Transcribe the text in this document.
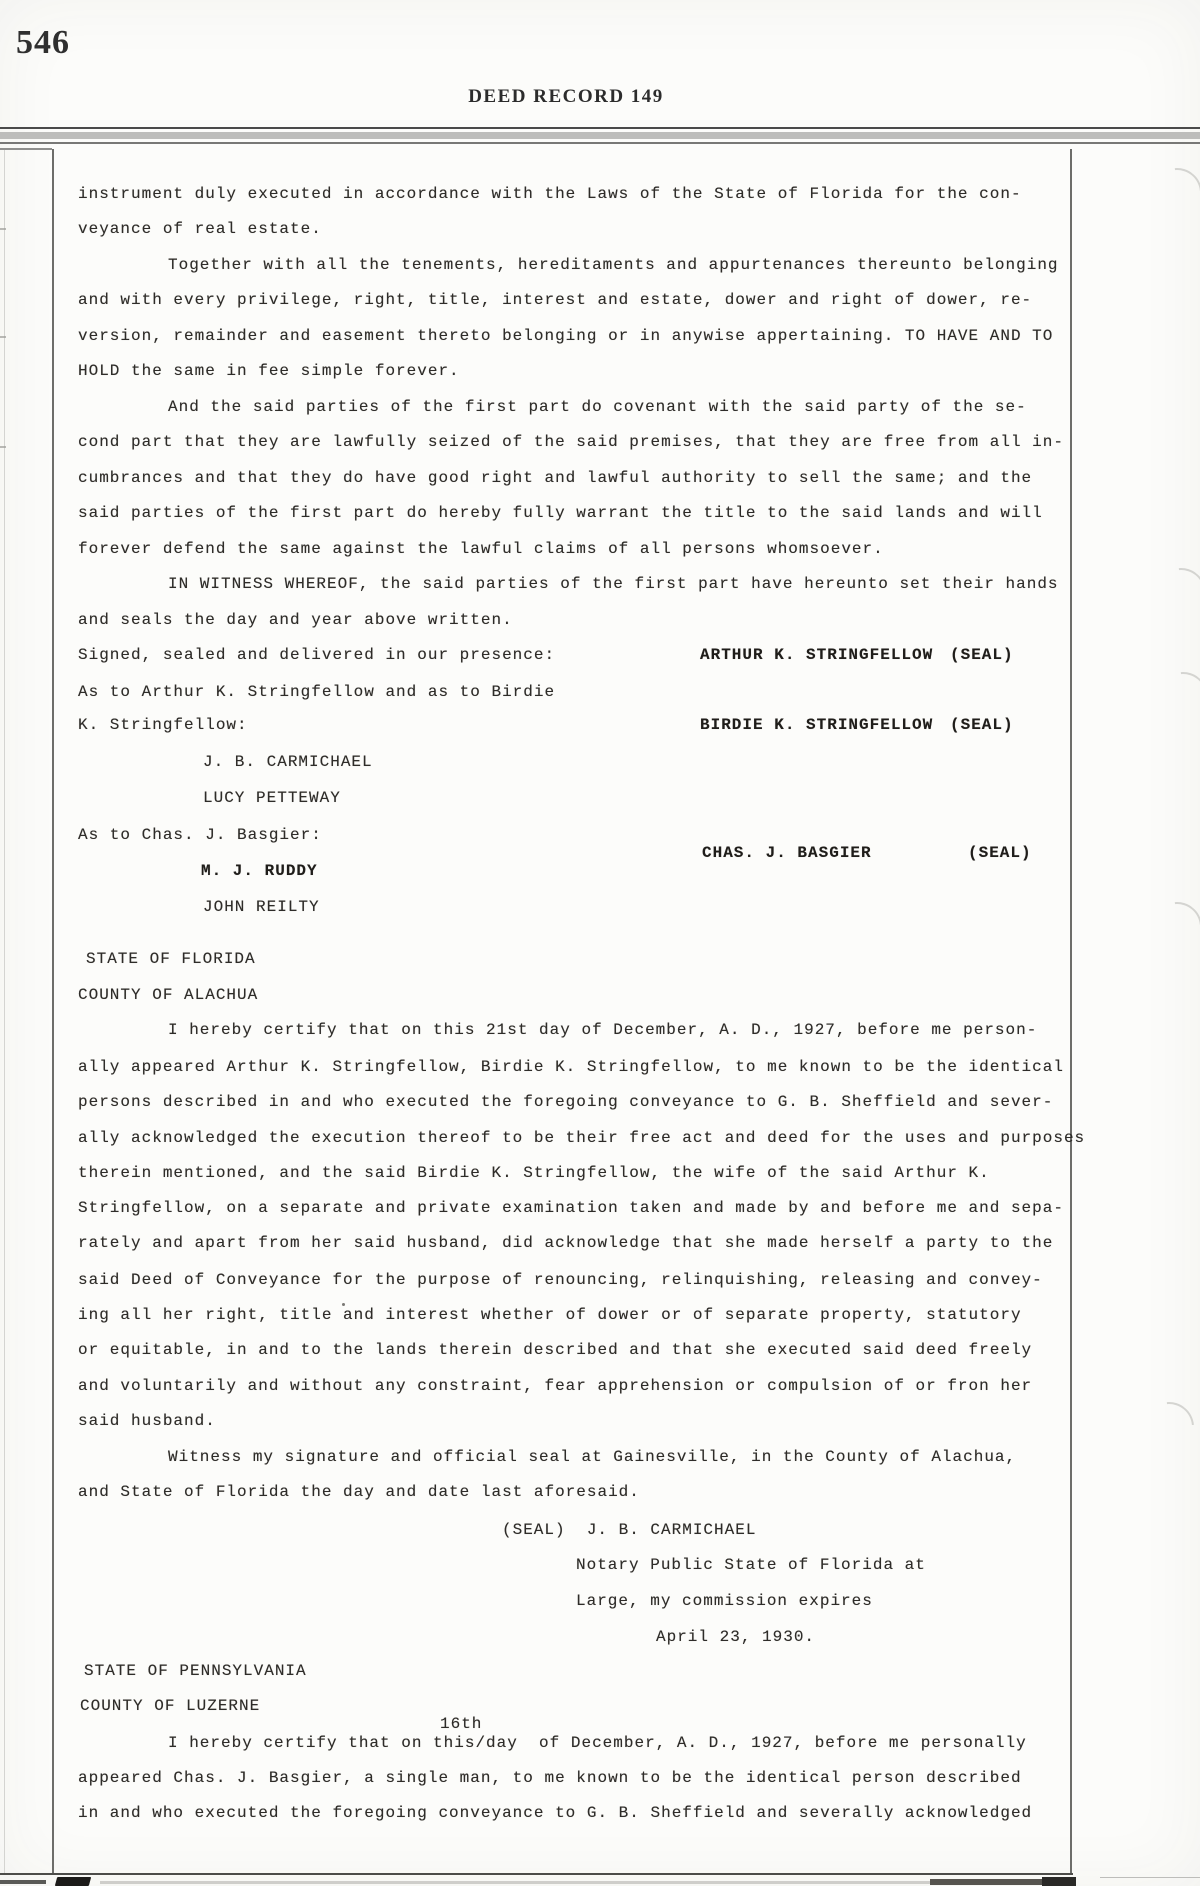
546
DEED RECORD 149
instrument duly executed in accordance with the Laws of the State of Florida for the con-
veyance of real estate.
Together with all the tenements, hereditaments and appurtenances thereunto belonging
and with every privilege, right, title, interest and estate, dower and right of dower, re-
version, remainder and easement thereto belonging or in anywise appertaining. TO HAVE AND TO
HOLD the same in fee simple forever.
And the said parties of the first part do covenant with the said party of the se-
cond part that they are lawfully seized of the said premises, that they are free from all in-
cumbrances and that they do have good right and lawful authority to sell the same; and the
said parties of the first part do hereby fully warrant the title to the said lands and will
forever defend the same against the lawful claims of all persons whomsoever.
IN WITNESS WHEREOF, the said parties of the first part have hereunto set their hands
and seals the day and year above written.
Signed, sealed and delivered in our presence:	ARTHUR K. STRINGFELLOW (SEAL)
As to Arthur K. Stringfellow and as to Birdie
K. Stringfellow:	BIRDIE K. STRINGFELLOW (SEAL)
J. B. CARMICHAEL
LUCY PETTEWAY
As to Chas. J. Basgier:
CHAS. J. BASGIER	(SEAL)
M. J. RUDDY
JOHN REILTY
STATE OF FLORIDA
COUNTY OF ALACHUA
I hereby certify that on this 21st day of December, A. D., 1927, before me person-
ally appeared Arthur K. Stringfellow, Birdie K. Stringfellow, to me known to be the identical
persons described in and who executed the foregoing conveyance to G. B. Sheffield and sever-
ally acknowledged the execution thereof to be their free act and deed for the uses and purposes
therein mentioned, and the said Birdie K. Stringfellow, the wife of the said Arthur K.
Stringfellow, on a separate and private examination taken and made by and before me and sepa-
rately and apart from her said husband, did acknowledge that she made herself a party to the
said Deed of Conveyance for the purpose of renouncing, relinquishing, releasing and convey-
ing all her right, title and interest whether of dower or of separate property, statutory
or equitable, in and to the lands therein described and that she executed said deed freely
and voluntarily and without any constraint, fear apprehension or compulsion of or fron her
said husband.
Witness my signature and official seal at Gainesville, in the County of Alachua,
and State of Florida the day and date last aforesaid.
(SEAL)  J. B. CARMICHAEL
Notary Public State of Florida at
Large, my commission expires
April 23, 1930.
STATE OF PENNSYLVANIA
COUNTY OF LUZERNE
16th
I hereby certify that on this/day  of December, A. D., 1927, before me personally
appeared Chas. J. Basgier, a single man, to me known to be the identical person described
in and who executed the foregoing conveyance to G. B. Sheffield and severally acknowledged
